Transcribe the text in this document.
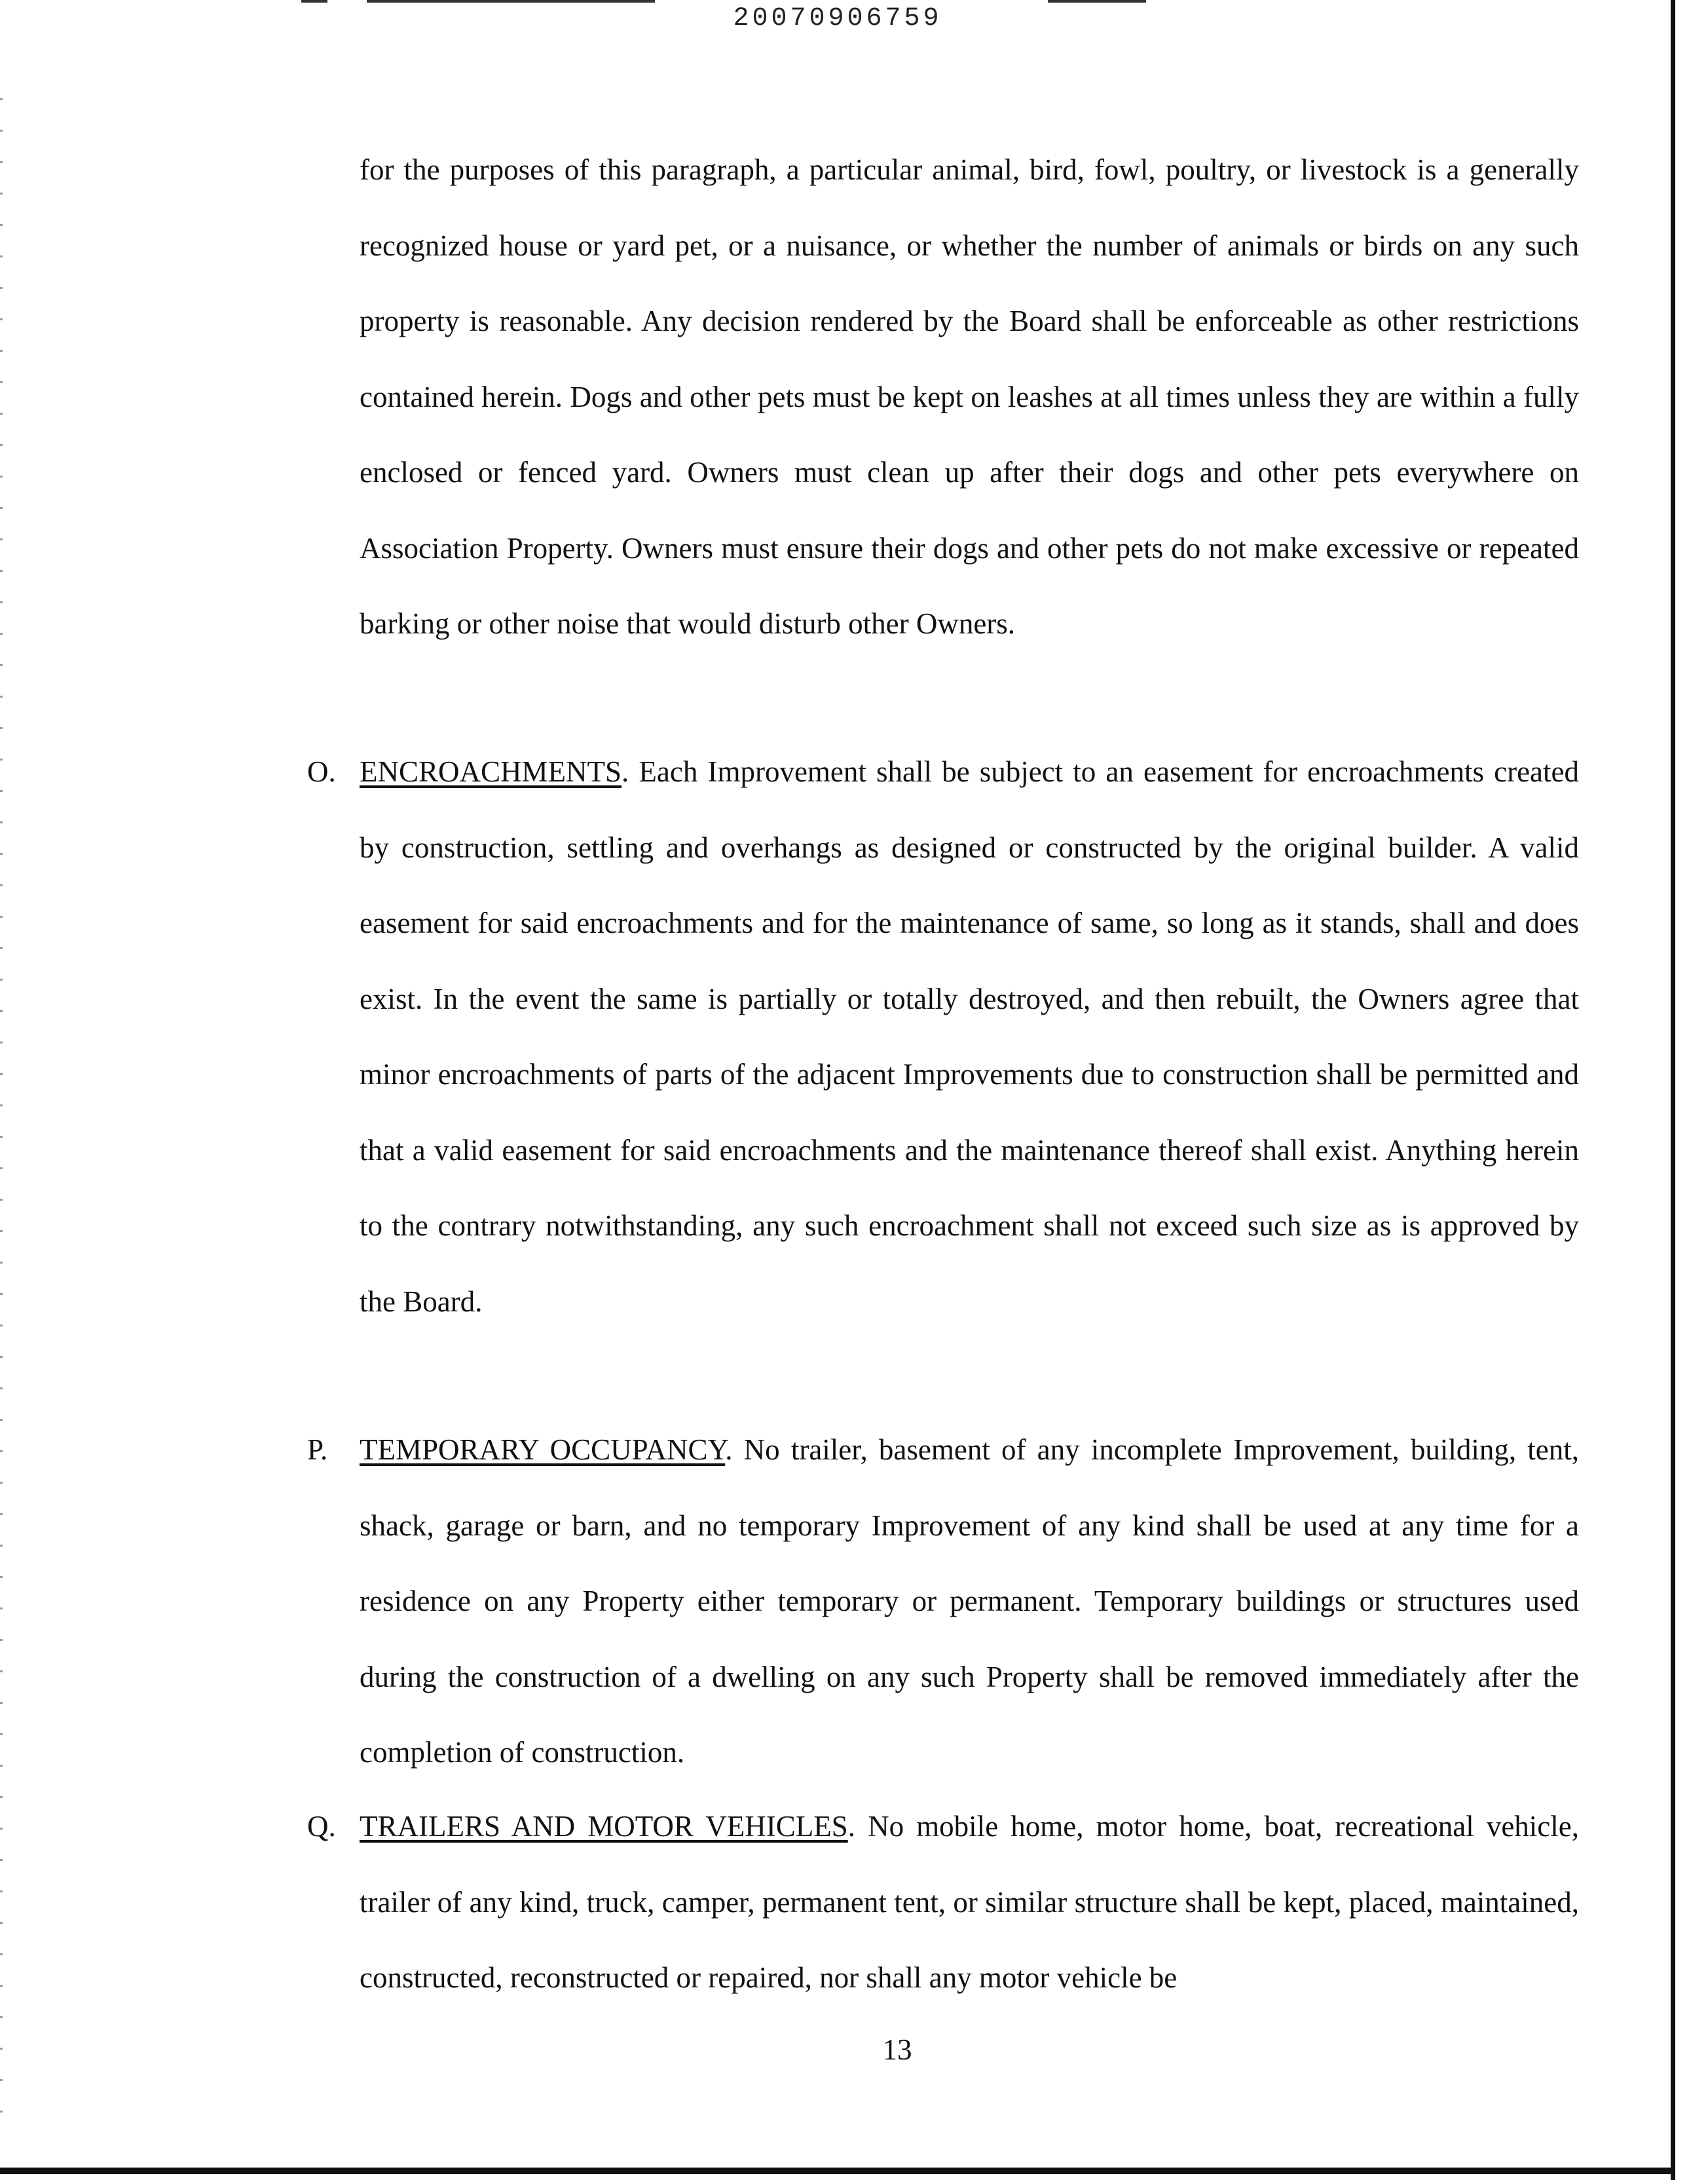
20070906759

for the purposes of this paragraph, a particular animal, bird, fowl, poultry, or livestock is a generally recognized house or yard pet, or a nuisance, or whether the number of animals or birds on any such property is reasonable. Any decision rendered by the Board shall be enforceable as other restrictions contained herein. Dogs and other pets must be kept on leashes at all times unless they are within a fully enclosed or fenced yard. Owners must clean up after their dogs and other pets everywhere on Association Property. Owners must ensure their dogs and other pets do not make excessive or repeated barking or other noise that would disturb other Owners.

O. ENCROACHMENTS. Each Improvement shall be subject to an easement for encroachments created by construction, settling and overhangs as designed or constructed by the original builder. A valid easement for said encroachments and for the maintenance of same, so long as it stands, shall and does exist. In the event the same is partially or totally destroyed, and then rebuilt, the Owners agree that minor encroachments of parts of the adjacent Improvements due to construction shall be permitted and that a valid easement for said encroachments and the maintenance thereof shall exist. Anything herein to the contrary notwithstanding, any such encroachment shall not exceed such size as is approved by the Board.
P. TEMPORARY OCCUPANCY. No trailer, basement of any incomplete Improvement, building, tent, shack, garage or barn, and no temporary Improvement of any kind shall be used at any time for a residence on any Property either temporary or permanent. Temporary buildings or structures used during the construction of a dwelling on any such Property shall be removed immediately after the completion of construction.
Q. TRAILERS AND MOTOR VEHICLES. No mobile home, motor home, boat, recreational vehicle, trailer of any kind, truck, camper, permanent tent, or similar structure shall be kept, placed, maintained, constructed, reconstructed or repaired, nor shall any motor vehicle be
13
